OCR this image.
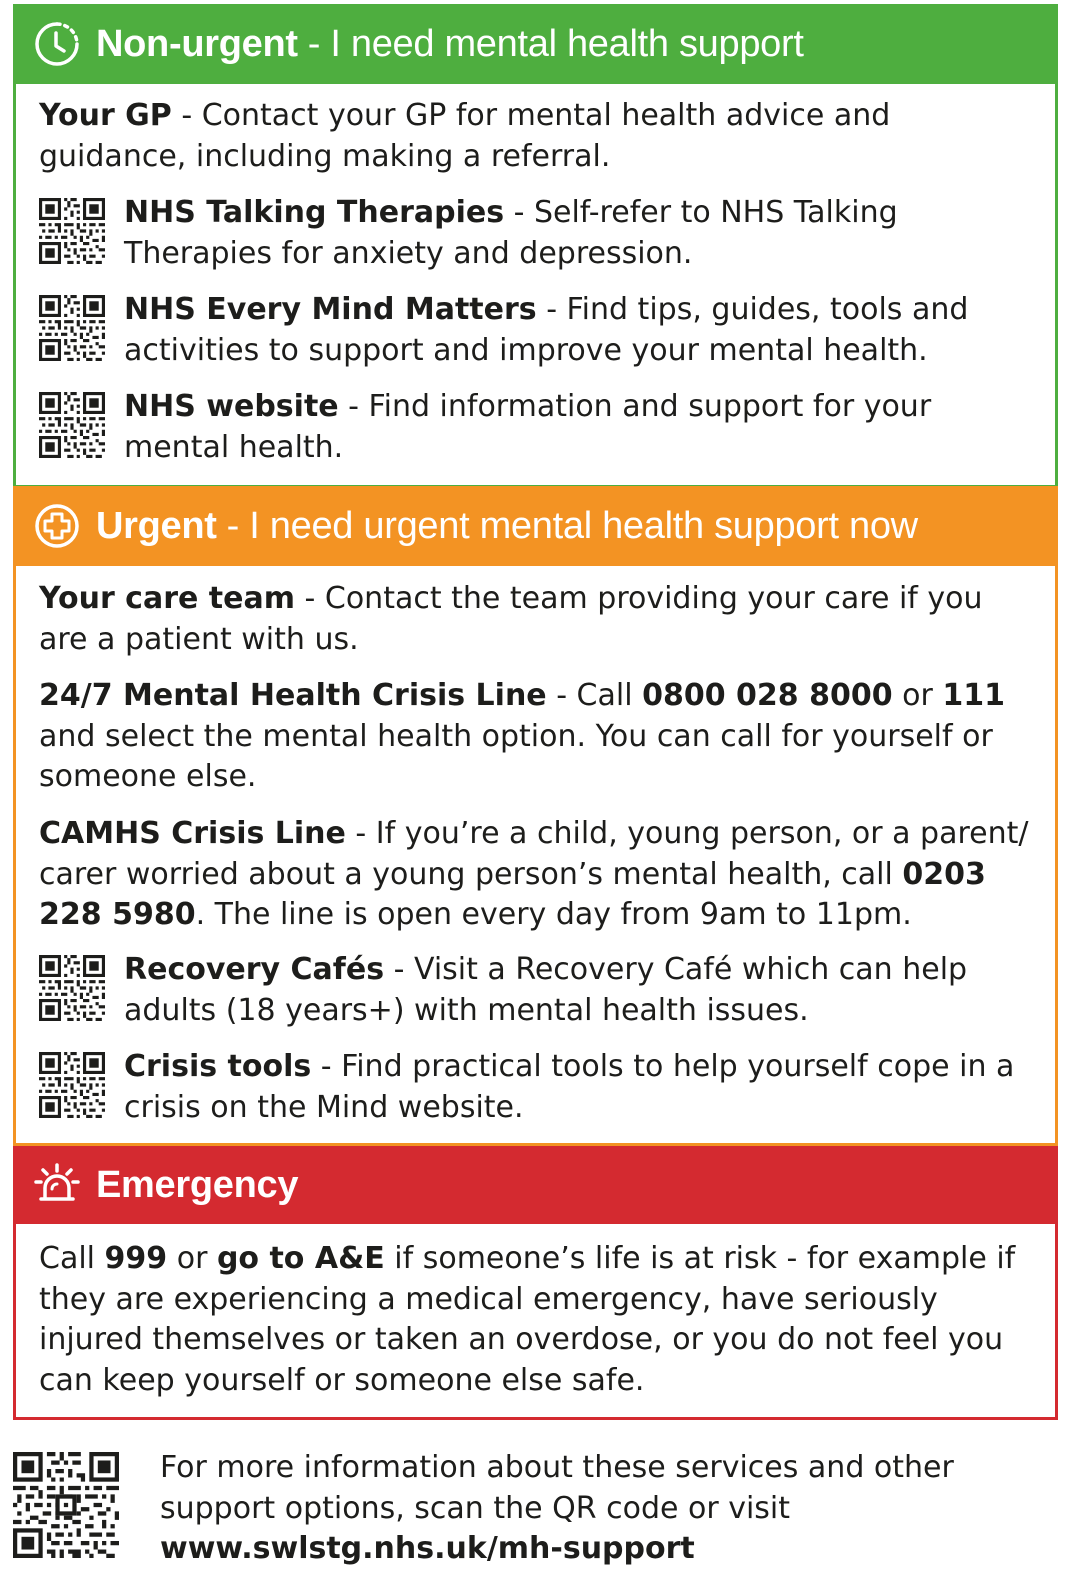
Non-urgent - I need mental health support

Your GP - Contact your GP for mental health advice and guidance, including making a referral.

NHS Talking Therapies - Self-refer to NHS Talking Therapies for anxiety and depression.

NHS Every Mind Matters - Find tips, guides, tools and activities to support and improve your mental health.

NHS website - Find information and support for your mental health.

Urgent - I need urgent mental health support now

Your care team - Contact the team providing your care if you are a patient with us.

24/7 Mental Health Crisis Line - Call 0800 028 8000 or 111 and select the mental health option. You can call for yourself or someone else.

CAMHS Crisis Line - If you’re a child, young person, or a parent/ carer worried about a young person’s mental health, call 0203 228 5980. The line is open every day from 9am to 11pm.

Recovery Cafés - Visit a Recovery Café which can help adults (18 years+) with mental health issues.

Crisis tools - Find practical tools to help yourself cope in a crisis on the Mind website.

Emergency

Call 999 or go to A&E if someone’s life is at risk - for example if they are experiencing a medical emergency, have seriously injured themselves or taken an overdose, or you do not feel you can keep yourself or someone else safe.

For more information about these services and other support options, scan the QR code or visit
www.swlstg.nhs.uk/mh-support
